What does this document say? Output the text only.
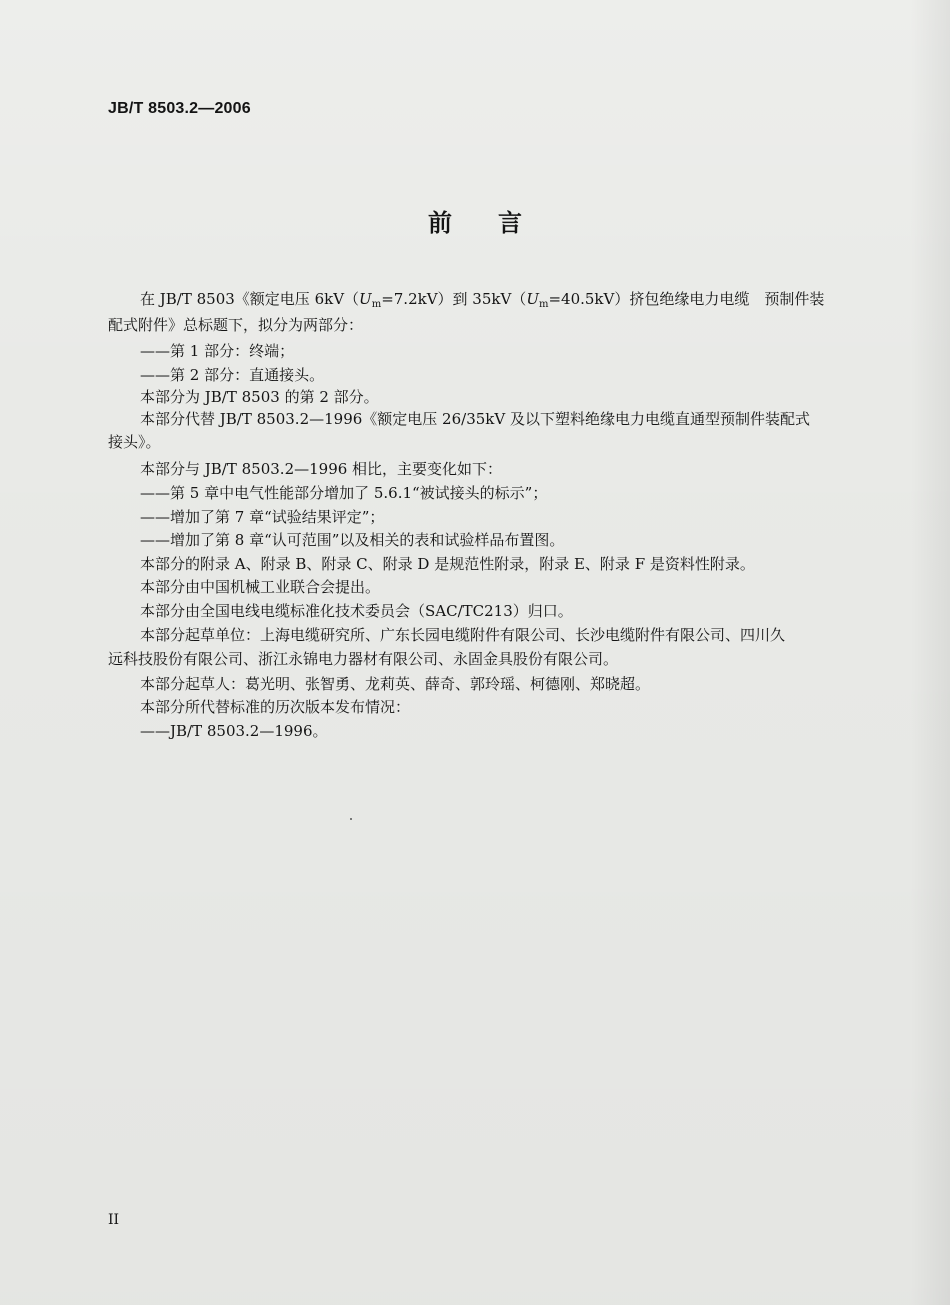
JB/T 8503.2—2006
前 言
在 JB/T 8503《额定电压 $6kV(U_m=7.2kV)$到 $35kV(U_m=40.5kV)$挤包绝缘电力电缆　预制件装
配式附件》总标题下，拟分为两部分：
——第 1 部分：终端；
——第 2 部分：直通接头。
本部分为 JB/T 8503 的第 2 部分。
本部分代替 JB/T 8503.2—1996《额定电压 26/35kV 及以下塑料绝缘电力电缆直通型预制件装配式
接头》。
本部分与 JB/T 8503.2—1996 相比，主要变化如下：
——第 5 章中电气性能部分增加了 5.6.1“被试接头的标示”；
——增加了第 7 章“试验结果评定”；
——增加了第 8 章“认可范围”以及相关的表和试验样品布置图。
本部分的附录 A、附录 B、附录 C、附录 D 是规范性附录，附录 E、附录 F 是资料性附录。
本部分由中国机械工业联合会提出。
本部分由全国电线电缆标准化技术委员会（SAC/TC213）归口。
本部分起草单位：上海电缆研究所、广东长园电缆附件有限公司、长沙电缆附件有限公司、四川久
远科技股份有限公司、浙江永锦电力器材有限公司、永固金具股份有限公司。
本部分起草人：葛光明、张智勇、龙莉英、薛奇、郭玲瑶、柯德刚、郑晓超。
本部分所代替标准的历次版本发布情况：
——JB/T 8503.2—1996。
II
